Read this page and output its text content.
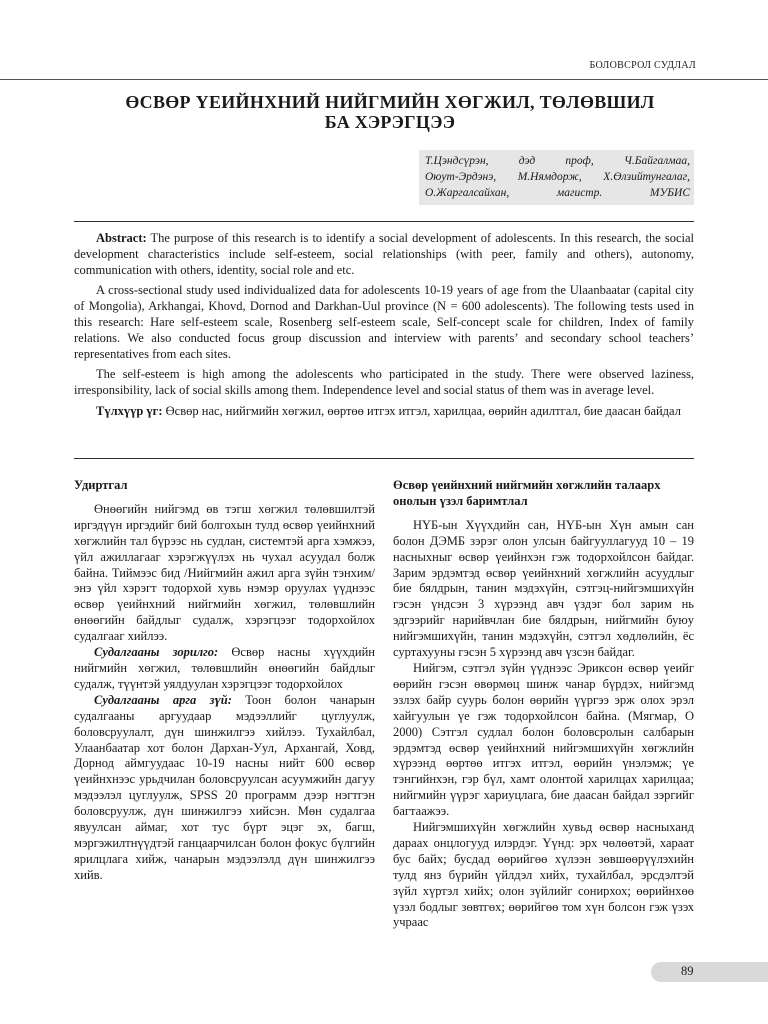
БОЛОВСРОЛ СУДЛАЛ
ӨСВӨР ҮЕИЙНХНИЙ НИЙГМИЙН ХӨГЖИЛ, ТӨЛӨВШИЛ
БА ХЭРЭГЦЭЭ
Т.Цэндсүрэн, дэд проф, Ч.Байгалмаа,
Оюут-Эрдэнэ, М.Нямдорж, Х.Өлзийтунгалаг,
О.Жаргалсайхан, магистр. МУБИС

Abstract: The purpose of this research is to identify a social development of adolescents. In this research, the social development characteristics include self-esteem, social relationships (with peer, family and others), autonomy, communication with others, identity, social role and etc.

A cross-sectional study used individualized data for adolescents 10-19 years of age from the Ulaanbaatar (capital city of Mongolia), Arkhangai, Khovd, Dornod and Darkhan-Uul province (N = 600 adolescents). The following tests used in this research: Hare self-esteem scale, Rosenberg self-esteem scale, Self-concept scale for children, Index of family relations. We also conducted focus group discussion and interview with parents’ and secondary school teachers’ representatives from each sites.

The self-esteem is high among the adolescents who participated in the study. There were observed laziness, irresponsibility, lack of social skills among them. Independence level and social status of them was in average level.

Түлхүүр үг: Өсвөр нас, нийгмийн хөгжил, өөртөө итгэх итгэл, харилцаа, өөрийн адилтгал, бие даасан байдал

Удиртгал

Өнөөгийн нийгэмд өв тэгш хөгжил төлөвшилтэй иргэдүүн иргэдийг бий болгохын тулд өсвөр үеийнхний хөгжлийн тал бүрээс нь судлан, системтэй арга хэмжээ, үйл ажиллагааг хэрэгжүүлэх нь чухал асуудал болж байна. Тиймээс бид /Нийгмийн ажил арга зүйн тэнхим/ энэ үйл хэрэгт тодорхой хувь нэмэр оруулах үүднээс өсвөр үеийнхний нийгмийн хөгжил, төлөвшлийн өнөөгийн байдлыг судалж, хэрэгцээг тодорхойлох судалгааг хийлээ.

Судалгааны зорилго: Өсвөр насны хүүхдийн нийгмийн хөгжил, төлөвшлийн өнөөгийн байдлыг судалж, түүнтэй уялдуулан хэрэгцээг тодорхойлох

Судалгааны арга зүй: Тоон болон чанарын судалгааны аргуудаар мэдээллийг цуглуулж, боловсруулалт, дүн шинжилгээ хийлээ. Тухайлбал, Улаанбаатар хот болон Дархан-Уул, Архангай, Ховд, Дорнод аймгуудаас 10-19 насны нийт 600 өсвөр үеийнхнээс урьдчилан боловсруулсан асуумжийн дагуу мэдээлэл цуглуулж, SPSS 20 программ дээр нэгтгэн боловсруулж, дүн шинжилгээ хийсэн. Мөн судалгаа явуулсан аймаг, хот тус бүрт эцэг эх, багш, мэргэжилтнүүдтэй ганцаарчилсан болон фокус бүлгийн ярилцлага хийж, чанарын мэдээлэлд дүн шинжилгээ хийв.

Өсвөр үеийнхний нийгмийн хөгжлийн талаарх онолын үзэл баримтлал

НҮБ-ын Хүүхдийн сан, НҮБ-ын Хүн амын сан болон ДЭМБ зэрэг олон улсын байгууллагууд 10 – 19 насныхныг өсвөр үеийнхэн гэж тодорхойлсон байдаг. Зарим эрдэмтэд өсвөр үеийнхний хөгжлийн асуудлыг бие бялдрын, танин мэдэхүйн, сэтгэц-нийгэмшихүйн гэсэн үндсэн 3 хүрээнд авч үздэг бол зарим нь эдгээрийг нарийвчлан бие бялдрын, нийгмийн буюу нийгэмшихүйн, танин мэдэхүйн, сэтгэл хөдлөлийн, ёс суртахууны гэсэн 5 хүрээнд авч үзсэн байдаг.

Нийгэм, сэтгэл зүйн үүднээс Эриксон өсвөр үеийг өөрийн гэсэн өвөрмөц шинж чанар бүрдэх, нийгэмд эзлэх байр суурь болон өөрийн үүргээ эрж олох эрэл хайгуулын үе гэж тодорхойлсон байна. (Мягмар, О 2000) Сэтгэл судлал болон боловсролын салбарын эрдэмтэд өсвөр үеийнхний нийгэмшихүйн хөгжлийн хүрээнд өөртөө итгэх итгэл, өөрийн үнэлэмж; үе тэнгийнхэн, гэр бүл, хамт олонтой харилцах харилцаа; нийгмийн үүрэг хариуцлага, бие даасан байдал зэргийг багтаажээ.

Нийгэмшихүйн хөгжлийн хувьд өсвөр насныханд дараах онцлогууд илэрдэг. Үүнд: эрх чөлөөтэй, хараат бус байх; бусдад өөрийгөө хүлээн зөвшөөрүүлэхийн тулд янз бүрийн үйлдэл хийх, тухайлбал, эрсдэлтэй зүйл хүртэл хийх; олон зүйлийг сонирхох; өөрийнхөө үзэл бодлыг зөвтгөх; өөрийгөө том хүн болсон гэж үзэх учраас

89
